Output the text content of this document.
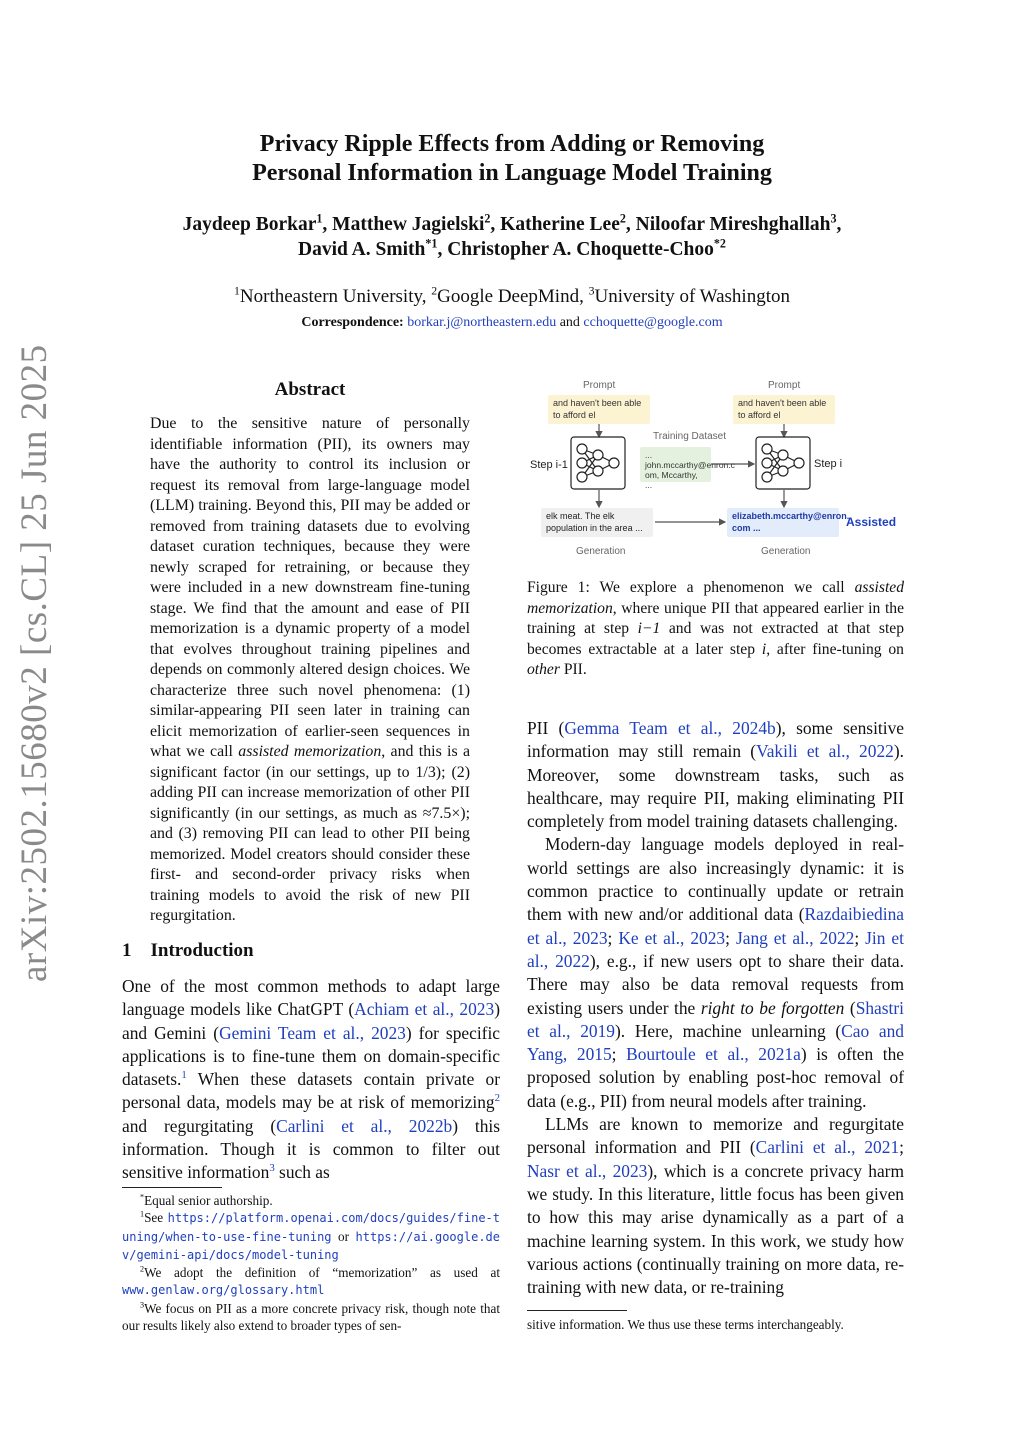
arXiv:2502.15680v2 [cs.CL] 25 Jun 2025
Privacy Ripple Effects from Adding or Removing
Personal Information in Language Model Training
Jaydeep Borkar$^1$, Matthew Jagielski$^2$, Katherine Lee$^2$, Niloofar Mireshghallah$^3$,
David A. Smith$^{*1}$, Christopher A. Choquette-Choo$^{*2}$
$^1$Northeastern University, $^2$Google DeepMind, $^3$University of Washington
Correspondence: borkar.j@northeastern.edu and cchoquette@google.com
Abstract
Due to the sensitive nature of personally identifiable information (PII), its owners may have the authority to control its inclusion or request its removal from large-language model (LLM) training. Beyond this, PII may be added or removed from training datasets due to evolving dataset curation techniques, because they were newly scraped for retraining, or because they were included in a new downstream fine-tuning stage. We find that the amount and ease of PII memorization is a dynamic property of a model that evolves throughout training pipelines and depends on commonly altered design choices. We characterize three such novel phenomena: (1) similar-appearing PII seen later in training can elicit memorization of earlier-seen sequences in what we call assisted memorization, and this is a significant factor (in our settings, up to 1/3); (2) adding PII can increase memorization of other PII significantly (in our settings, as much as ≈7.5×); and (3) removing PII can lead to other PII being memorized. Model creators should consider these first- and second-order privacy risks when training models to avoid the risk of new PII regurgitation.
1 Introduction

One of the most common methods to adapt large language models like ChatGPT (Achiam et al., 2023) and Gemini (Gemini Team et al., 2023) for specific applications is to fine-tune them on domain-specific datasets.$^1$ When these datasets contain private or personal data, models may be at risk of memorizing$^2$ and regurgitating (Carlini et al., 2022b) this information. Though it is common to filter out sensitive information$^3$ such as

*Equal senior authorship.
$^1$See https://platform.openai.com/docs/guides/fine-tuning/when-to-use-fine-tuning or https://ai.google.dev/gemini-api/docs/model-tuning
$^2$We adopt the definition of “memorization” as used at www.genlaw.org/glossary.html
$^3$We focus on PII as a more concrete privacy risk, though note that our results likely also extend to broader types of sen-
Prompt	Prompt
and haven't been able to afford el
and haven't been able to afford el
Training Dataset
...
john.mccarthy@enron.c om, Mccarthy, ...
Step i-1	Step i
elk meat. The elk population in the area ...
elizabeth.mccarthy@enron. com ...	Assisted
Generation	Generation
Figure 1: We explore a phenomenon we call assisted memorization, where unique PII that appeared earlier in the training at step i−1 and was not extracted at that step becomes extractable at a later step i, after fine-tuning on other PII.

PII (Gemma Team et al., 2024b), some sensitive information may still remain (Vakili et al., 2022). Moreover, some downstream tasks, such as healthcare, may require PII, making eliminating PII completely from model training datasets challenging.

Modern-day language models deployed in real-world settings are also increasingly dynamic: it is common practice to continually update or retrain them with new and/or additional data (Razdaibiedina et al., 2023; Ke et al., 2023; Jang et al., 2022; Jin et al., 2022), e.g., if new users opt to share their data. There may also be data removal requests from existing users under the right to be forgotten (Shastri et al., 2019). Here, machine unlearning (Cao and Yang, 2015; Bourtoule et al., 2021a) is often the proposed solution by enabling post-hoc removal of data (e.g., PII) from neural models after training.

LLMs are known to memorize and regurgitate personal information and PII (Carlini et al., 2021; Nasr et al., 2023), which is a concrete privacy harm we study. In this literature, little focus has been given to how this may arise dynamically as a part of a machine learning system. In this work, we study how various actions (continually training on more data, re-training with new data, or re-training

sitive information. We thus use these terms interchangeably.
